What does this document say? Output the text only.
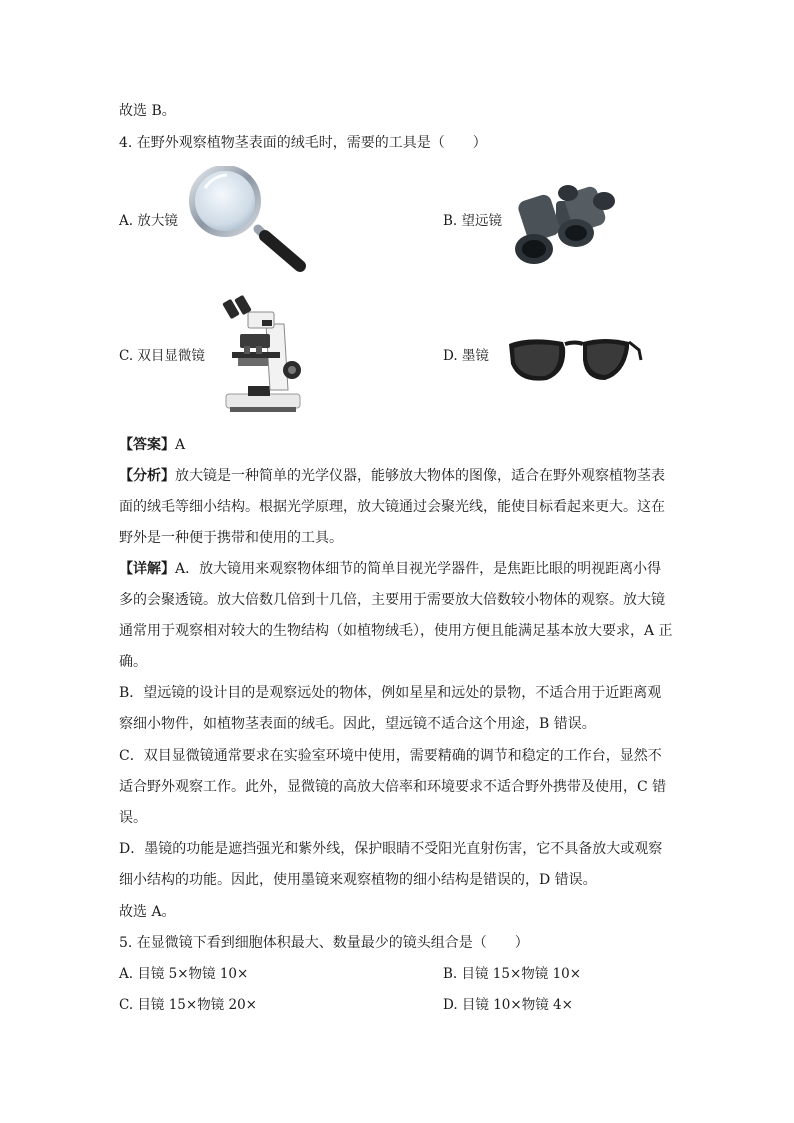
故选 B。
4. 在野外观察植物茎表面的绒毛时，需要的工具是（　　）
A. 放大镜	B. 望远镜
C. 双目显微镜	D. 墨镜
【答案】A
【分析】放大镜是一种简单的光学仪器，能够放大物体的图像，适合在野外观察植物茎表
面的绒毛等细小结构。根据光学原理，放大镜通过会聚光线，能使目标看起来更大。这在
野外是一种便于携带和使用的工具。
【详解】A．放大镜用来观察物体细节的简单目视光学器件，是焦距比眼的明视距离小得
多的会聚透镜。放大倍数几倍到十几倍，主要用于需要放大倍数较小物体的观察。放大镜
通常用于观察相对较大的生物结构（如植物绒毛），使用方便且能满足基本放大要求，A 正
确。
B．望远镜的设计目的是观察远处的物体，例如星星和远处的景物，不适合用于近距离观
察细小物件，如植物茎表面的绒毛。因此，望远镜不适合这个用途，B 错误。
C．双目显微镜通常要求在实验室环境中使用，需要精确的调节和稳定的工作台，显然不
适合野外观察工作。此外，显微镜的高放大倍率和环境要求不适合野外携带及使用，C 错
误。
D．墨镜的功能是遮挡强光和紫外线，保护眼睛不受阳光直射伤害，它不具备放大或观察
细小结构的功能。因此，使用墨镜来观察植物的细小结构是错误的，D 错误。
故选 A。
5. 在显微镜下看到细胞体积最大、数量最少的镜头组合是（　　）
A. 目镜 5×物镜 10×	B. 目镜 15×物镜 10×
C. 目镜 15×物镜 20×	D. 目镜 10×物镜 4×
